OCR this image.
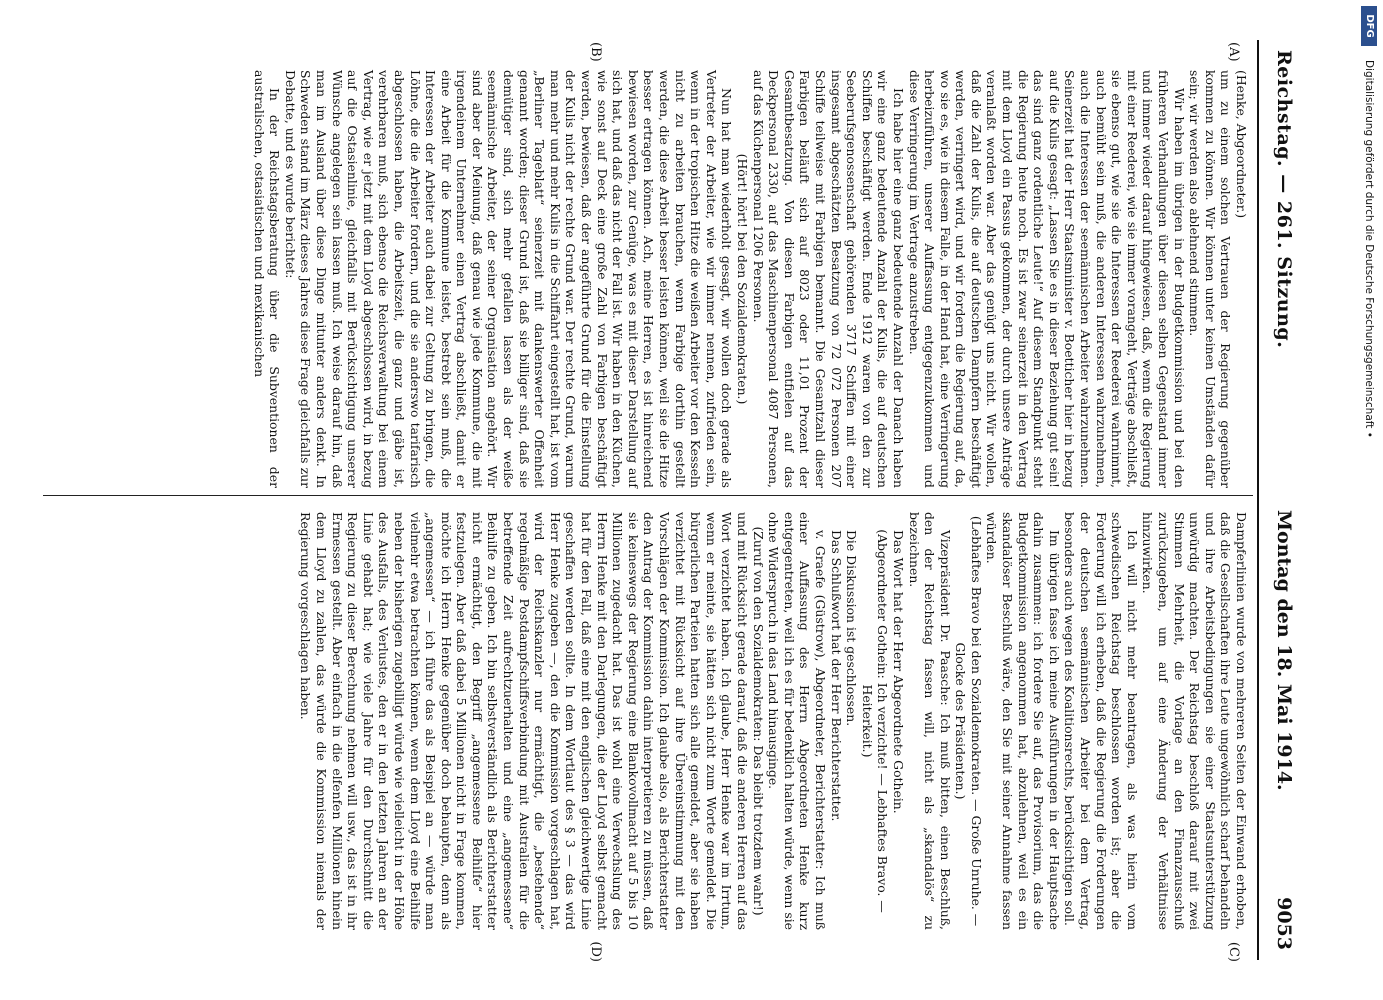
Reichstag. — 261. Sitzung.
Montag den 18. Mai 1914.
9053
(A)
(B)
(C)
(D)

(Henke, Abgeordneter.)

um zu einem solchen Vertrauen der Regierung gegenüber kommen zu können. Wir können unter keinen Umständen dafür sein; wir werden also ablehnend stimmen.

Wir haben im übrigen in der Budgetkommission und bei den früheren Verhandlungen über diesen selben Gegenstand immer und immer wieder darauf hingewiesen, daß, wenn die Regierung mit einer Reederei, wie sie immer vorangeht, Verträge abschließt, sie ebenso gut, wie sie die Interessen der Reederei wahrnimmt, auch bemüht sein muß, die anderen Interessen wahrzunehmen, auch die Interessen der seemännischen Arbeiter wahrzunehmen. Seinerzeit hat der Herr Staatsminister v. Boetticher hier in bezug auf die Kulis gesagt: „Lassen Sie es in dieser Beziehung gut sein! das sind ganz ordentliche Leute!“ Auf diesem Standpunkt steht die Regierung heute noch. Es ist zwar seinerzeit in den Vertrag mit dem Lloyd ein Passus gekommen, der durch unsere Anträge veranlaßt worden war. Aber das genügt uns nicht. Wir wollen, daß die Zahl der Kulis, die auf deutschen Dampfern beschäftigt werden, verringert wird, und wir fordern die Regierung auf, da, wo sie es, wie in diesem Falle, in der Hand hat, eine Verringerung herbeizuführen, unserer Auffassung entgegenzukommen und diese Verringerung im Vertrage anzustreben.

Ich habe hier eine ganz bedeutende Anzahl der Danach haben wir eine ganz bedeutende Anzahl der Kulis, die auf deutschen Schiffen beschäftigt werden. Ende 1912 waren von den zur Seeberufsgenossenschaft gehörenden 3717 Schiffen mit einer insgesamt abgeschätzten Besatzung von 72 072 Personen 207 Schiffe teilweise mit Farbigen bemannt. Die Gesamtzahl dieser Farbigen beläuft sich auf 8023 oder 11,01 Prozent der Gesamtbesatzung. Von diesen Farbigen entfielen auf das Deckpersonal 2330, auf das Maschinenpersonal 4087 Personen, auf das Küchenpersonal 1206 Personen.

(Hört! hört! bei den Sozialdemokraten.)

Nun hat man wiederholt gesagt, wir wollen doch gerade als Vertreter der Arbeiter, wie wir immer nennen, zufrieden sein, wenn in der tropischen Hitze die weißen Arbeiter vor den Kesseln nicht zu arbeiten brauchen, wenn Farbige dorthin gestellt werden, die diese Arbeit besser leisten können, weil sie die Hitze besser ertragen können. Ach, meine Herren, es ist hinreichend bewiesen worden, zur Genüge, was es mit dieser Darstellung auf sich hat, und daß das nicht der Fall ist. Wir haben in den Küchen, wie sonst auf Deck eine große Zahl von Farbigen beschäftigt werden, bewiesen, daß der angeführte Grund für die Einstellung der Kulis nicht der rechte Grund war. Der rechte Grund, warum man mehr und mehr Kulis in die Schiffahrt eingestellt hat, ist vom „Berliner Tageblatt“ seinerzeit mit dankenswerter Offenheit genannt worden; dieser Grund ist, daß sie billiger sind, daß sie demütiger sind, sich mehr gefallen lassen als der weiße seemännische Arbeiter, der seiner Organisation angehört. Wir sind aber der Meinung, daß genau wie jede Kommune, die mit irgendeinem Unternehmer einen Vertrag abschließt, damit er eine Arbeit für die Kommune leistet, bestrebt sein muß, die Interessen der Arbeiter auch dabei zur Geltung zu bringen, die Löhne, die die Arbeiter fordern, und die sie anderswo tarifarisch abgeschlossen haben, die Arbeitszeit, die ganz und gäbe ist, verehrbaren muß, sich ebenso die Reichsverwaltung bei einem Vertrag, wie er jetzt mit dem Lloyd abgeschlossen wird, in bezug auf die Ostasienlinie, gleichfalls mit Berücksichtigung unserer Wünsche angelegen sein lassen muß. Ich weise darauf hin, daß man im Ausland über diese Dinge mitunter anders denkt. In Schweden stand im März dieses Jahres diese Frage gleichfalls zur Debatte, und es wurde berichtet:

In der Reichstagsberatung über die Subventionen der australischen, ostasiatischen und mexikanischen

Dampferlinien wurde von mehreren Seiten der Einwand erhoben, daß die Gesellschaften ihre Leute ungewöhnlich scharf behandeln und ihre Arbeitsbedingungen sie einer Staatsunterstützung unwürdig machten. Der Reichstag beschloß darauf mit zwei Stimmen Mehrheit, die Vorlage an den Finanzausschuß zurückzugeben, um auf eine Änderung der Verhältnisse hinzuwirken.

Ich will nicht mehr beantragen, als was hierin vom schwedischen Reichstag beschlossen worden ist; aber die Forderung will ich erheben, daß die Regierung die Forderungen der deutschen seemännischen Arbeiter bei dem Vertrag, besonders auch wegen des Koalitionsrechts, berücksichtigen soll.

Im übrigen fasse ich meine Ausführungen in der Hauptsache dahin zusammen: ich fordere Sie auf, das Provisorium, das die Budgetkommission angenommen hat, abzulehnen, weil es ein skandalöser Beschluß wäre, den Sie mit seiner Annahme fassen würden.

(Lebhaftes Bravo bei den Sozialdemokraten. — Große Unruhe. — Glocke des Präsidenten.)

Vizepräsident Dr. Paasche: Ich muß bitten, einen Beschluß, den der Reichstag fassen will, nicht als „skandalös“ zu bezeichnen.

Das Wort hat der Herr Abgeordnete Gothein.

(Abgeordneter Gothein: Ich verzichte! — Lebhaftes Bravo. — Heiterkeit.)

Die Diskussion ist geschlossen.

Das Schlußwort hat der Herr Berichterstatter.

v. Graefe (Güstrow), Abgeordneter, Berichterstatter: Ich muß einer Auffassung des Herrn Abgeordneten Henke kurz entgegentreten, weil ich es für bedenklich halten würde, wenn sie ohne Widerspruch in das Land hinausginge.

(Zuruf von den Sozialdemokraten: Das bleibt trotzdem wahr!)

und mit Rücksicht gerade darauf, daß die anderen Herren auf das Wort verzichtet haben. Ich glaube, Herr Henke war im Irrtum, wenn er meinte, sie hätten sich nicht zum Worte gemeldet. Die bürgerlichen Parteien hatten sich alle gemeldet, aber sie haben verzichtet mit Rücksicht auf ihre Übereinstimmung mit den Vorschlägen der Kommission. Ich glaube also, als Berichterstatter den Antrag der Kommission dahin interpretieren zu müssen, daß sie keineswegs der Regierung eine Blankovollmacht auf 5 bis 10 Millionen zugedacht hat. Das ist wohl eine Verwechslung des Herrn Henke mit den Darlegungen, die der Lloyd selbst gemacht hat für den Fall, daß eine mit den englischen gleichwertige Linie geschaffen werden sollte. In dem Wortlaut des § 3 — das wird Herr Henke zugeben —, den die Kommission vorgeschlagen hat, wird der Reichskanzler nur ermächtigt, die „bestehende“ regelmäßige Postdampfschiffsverbindung mit Australien für die betreffende Zeit aufrechtzuerhalten und eine „angemessene“ Beihilfe zu geben. Ich bin selbstverständlich als Berichterstatter nicht ermächtigt, den Begriff „angemessene Beihilfe“ hier festzulegen. Aber daß dabei 5 Millionen nicht in Frage kommen, möchte ich Herrn Henke gegenüber doch behaupten, denn als „angemessen“ — ich führe das als Beispiel an — würde man vielmehr etwa betrachten können, wenn dem Lloyd eine Beihilfe neben der bisherigen zugebilligt würde wie vielleicht in der Höhe des Ausfalls, des Verlustes, den er in den letzten Jahren an der Linie gehabt hat; wie viele Jahre für den Durchschnitt die Regierung zu dieser Berechnung nehmen will usw., das ist in ihr Ermessen gestellt. Aber einfach in die elfenfen Millionen hinein dem Lloyd zu zahlen, das würde die Kommission niemals der Regierung vorgeschlagen haben.

Digitalisierung gefördert durch die Deutsche Forschungsgemeinschaft •
DFG
